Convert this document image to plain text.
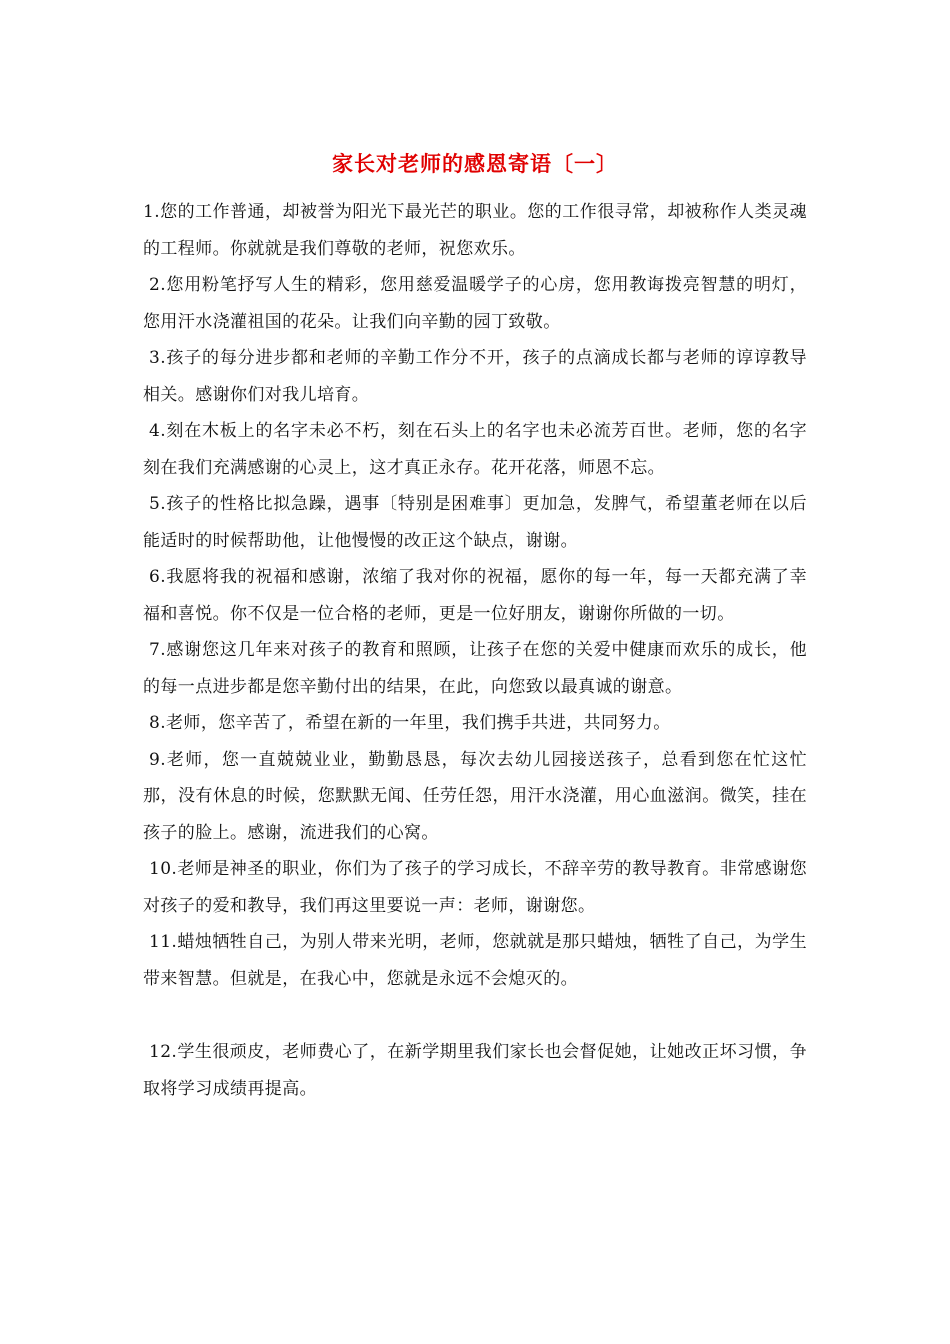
家长对老师的感恩寄语〔一〕

1.您的工作普通，却被誉为阳光下最光芒的职业。您的工作很寻常，却被称作人类灵魂的工程师。你就就是我们尊敬的老师，祝您欢乐。

2.您用粉笔抒写人生的精彩，您用慈爱温暖学子的心房，您用教诲拨亮智慧的明灯，您用汗水浇灌祖国的花朵。让我们向辛勤的园丁致敬。

3.孩子的每分进步都和老师的辛勤工作分不开，孩子的点滴成长都与老师的谆谆教导相关。感谢你们对我儿培育。

4.刻在木板上的名字未必不朽，刻在石头上的名字也未必流芳百世。老师，您的名字刻在我们充满感谢的心灵上，这才真正永存。花开花落，师恩不忘。

5.孩子的性格比拟急躁，遇事〔特别是困难事〕更加急，发脾气，希望董老师在以后能适时的时候帮助他，让他慢慢的改正这个缺点，谢谢。

6.我愿将我的祝福和感谢，浓缩了我对你的祝福，愿你的每一年，每一天都充满了幸福和喜悦。你不仅是一位合格的老师，更是一位好朋友，谢谢你所做的一切。

7.感谢您这几年来对孩子的教育和照顾，让孩子在您的关爱中健康而欢乐的成长，他的每一点进步都是您辛勤付出的结果，在此，向您致以最真诚的谢意。

8.老师，您辛苦了，希望在新的一年里，我们携手共进，共同努力。

9.老师，您一直兢兢业业，勤勤恳恳，每次去幼儿园接送孩子，总看到您在忙这忙那，没有休息的时候，您默默无闻、任劳任怨，用汗水浇灌，用心血滋润。微笑，挂在孩子的脸上。感谢，流进我们的心窝。

10.老师是神圣的职业，你们为了孩子的学习成长，不辞辛劳的教导教育。非常感谢您对孩子的爱和教导，我们再这里要说一声：老师，谢谢您。

11.蜡烛牺牲自己，为别人带来光明，老师，您就就是那只蜡烛，牺牲了自己，为学生带来智慧。但就是，在我心中，您就是永远不会熄灭的。

12.学生很顽皮，老师费心了，在新学期里我们家长也会督促她，让她改正坏习惯，争取将学习成绩再提高。
